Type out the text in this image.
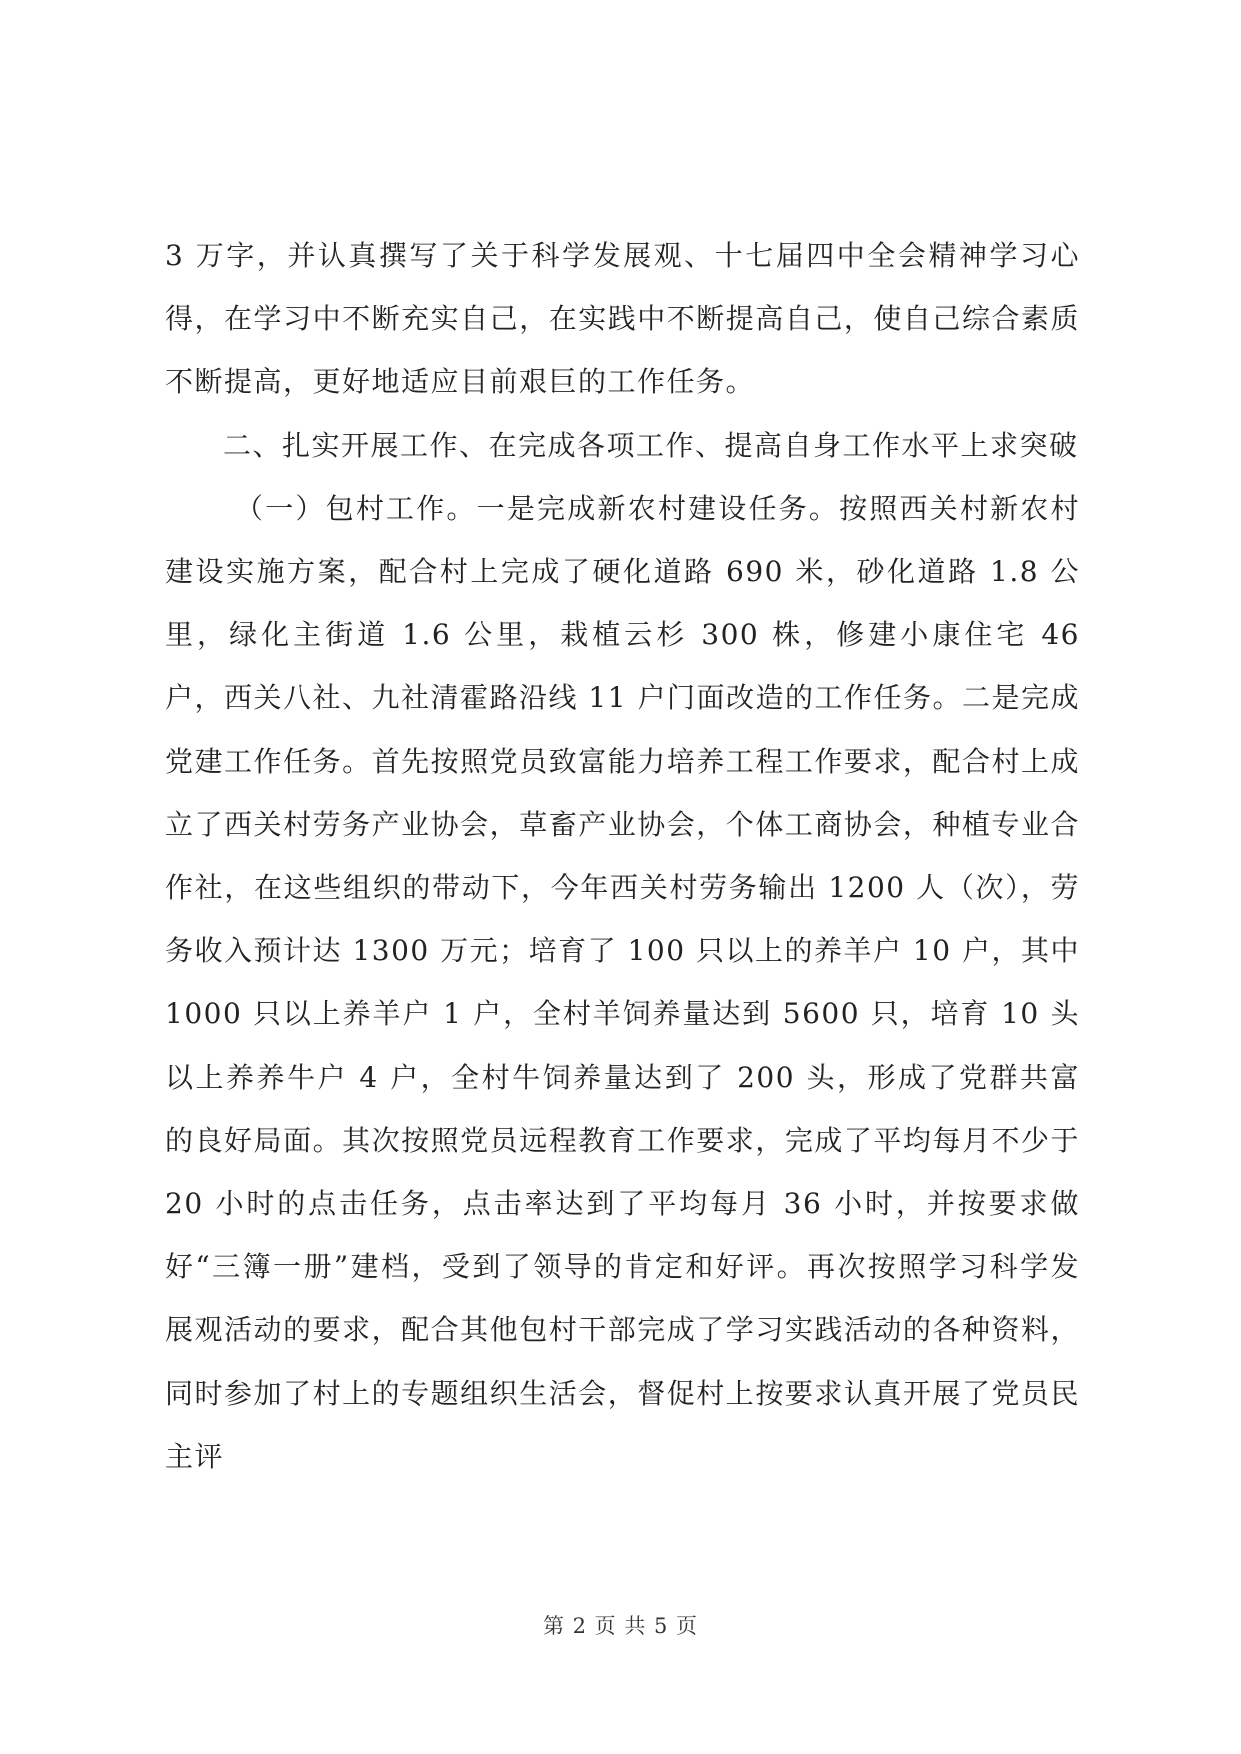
3 万字，并认真撰写了关于科学发展观、十七届四中全会精神学习心得，在学习中不断充实自己，在实践中不断提高自己，使自己综合素质不断提高，更好地适应目前艰巨的工作任务。

二、扎实开展工作、在完成各项工作、提高自身工作水平上求突破

（一）包村工作。一是完成新农村建设任务。按照西关村新农村建设实施方案，配合村上完成了硬化道路 690 米，砂化道路 1.8 公里，绿化主街道 1.6 公里，栽植云杉 300 株，修建小康住宅 46 户，西关八社、九社清霍路沿线 11 户门面改造的工作任务。二是完成党建工作任务。首先按照党员致富能力培养工程工作要求，配合村上成立了西关村劳务产业协会，草畜产业协会，个体工商协会，种植专业合作社，在这些组织的带动下，今年西关村劳务输出 1200 人（次），劳务收入预计达 1300 万元；培育了 100 只以上的养羊户 10 户，其中 1000 只以上养羊户 1 户，全村羊饲养量达到 5600 只，培育 10 头以上养养牛户 4 户，全村牛饲养量达到了 200 头，形成了党群共富的良好局面。其次按照党员远程教育工作要求，完成了平均每月不少于 20 小时的点击任务，点击率达到了平均每月 36 小时，并按要求做好“三簿一册”建档，受到了领导的肯定和好评。再次按照学习科学发展观活动的要求，配合其他包村干部完成了学习实践活动的各种资料，同时参加了村上的专题组织生活会，督促村上按要求认真开展了党员民主评

第 2 页 共 5 页
